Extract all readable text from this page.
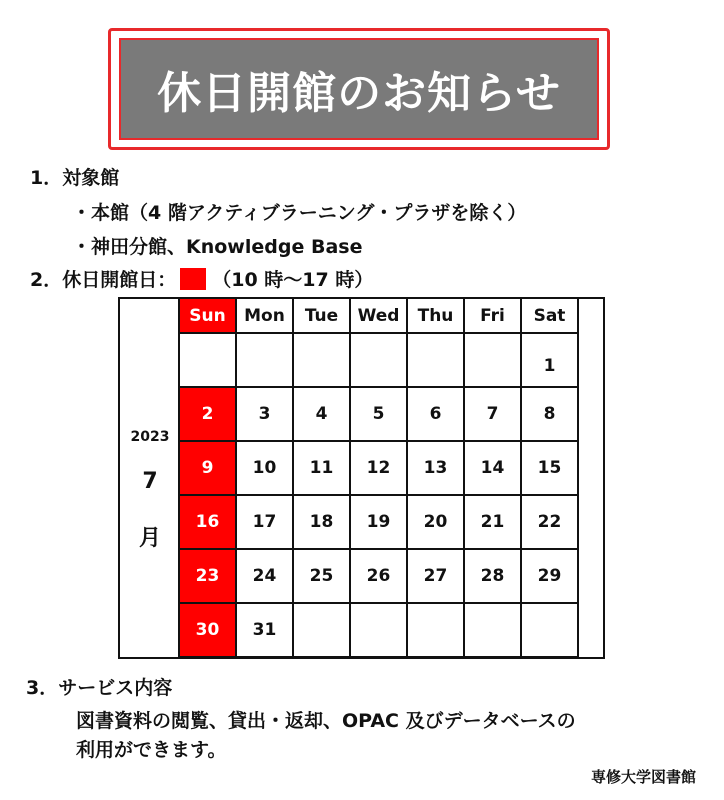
休日開館のお知らせ
1．対象館
・本館（4 階アクティブラーニング・プラザを除く）
・神田分館、Knowledge Base
2．休日開館日： （10 時〜17 時）
2023
7
月
Sun	Mon	Tue	Wed	Thu	Fri	Sat
						1
2	3	4	5	6	7	8
9	10	11	12	13	14	15
16	17	18	19	20	21	22
23	24	25	26	27	28	29
30	31					
3．サービス内容
図書資料の閲覧、貸出・返却、OPAC 及びデータベースの
利用ができます。
専修大学図書館
